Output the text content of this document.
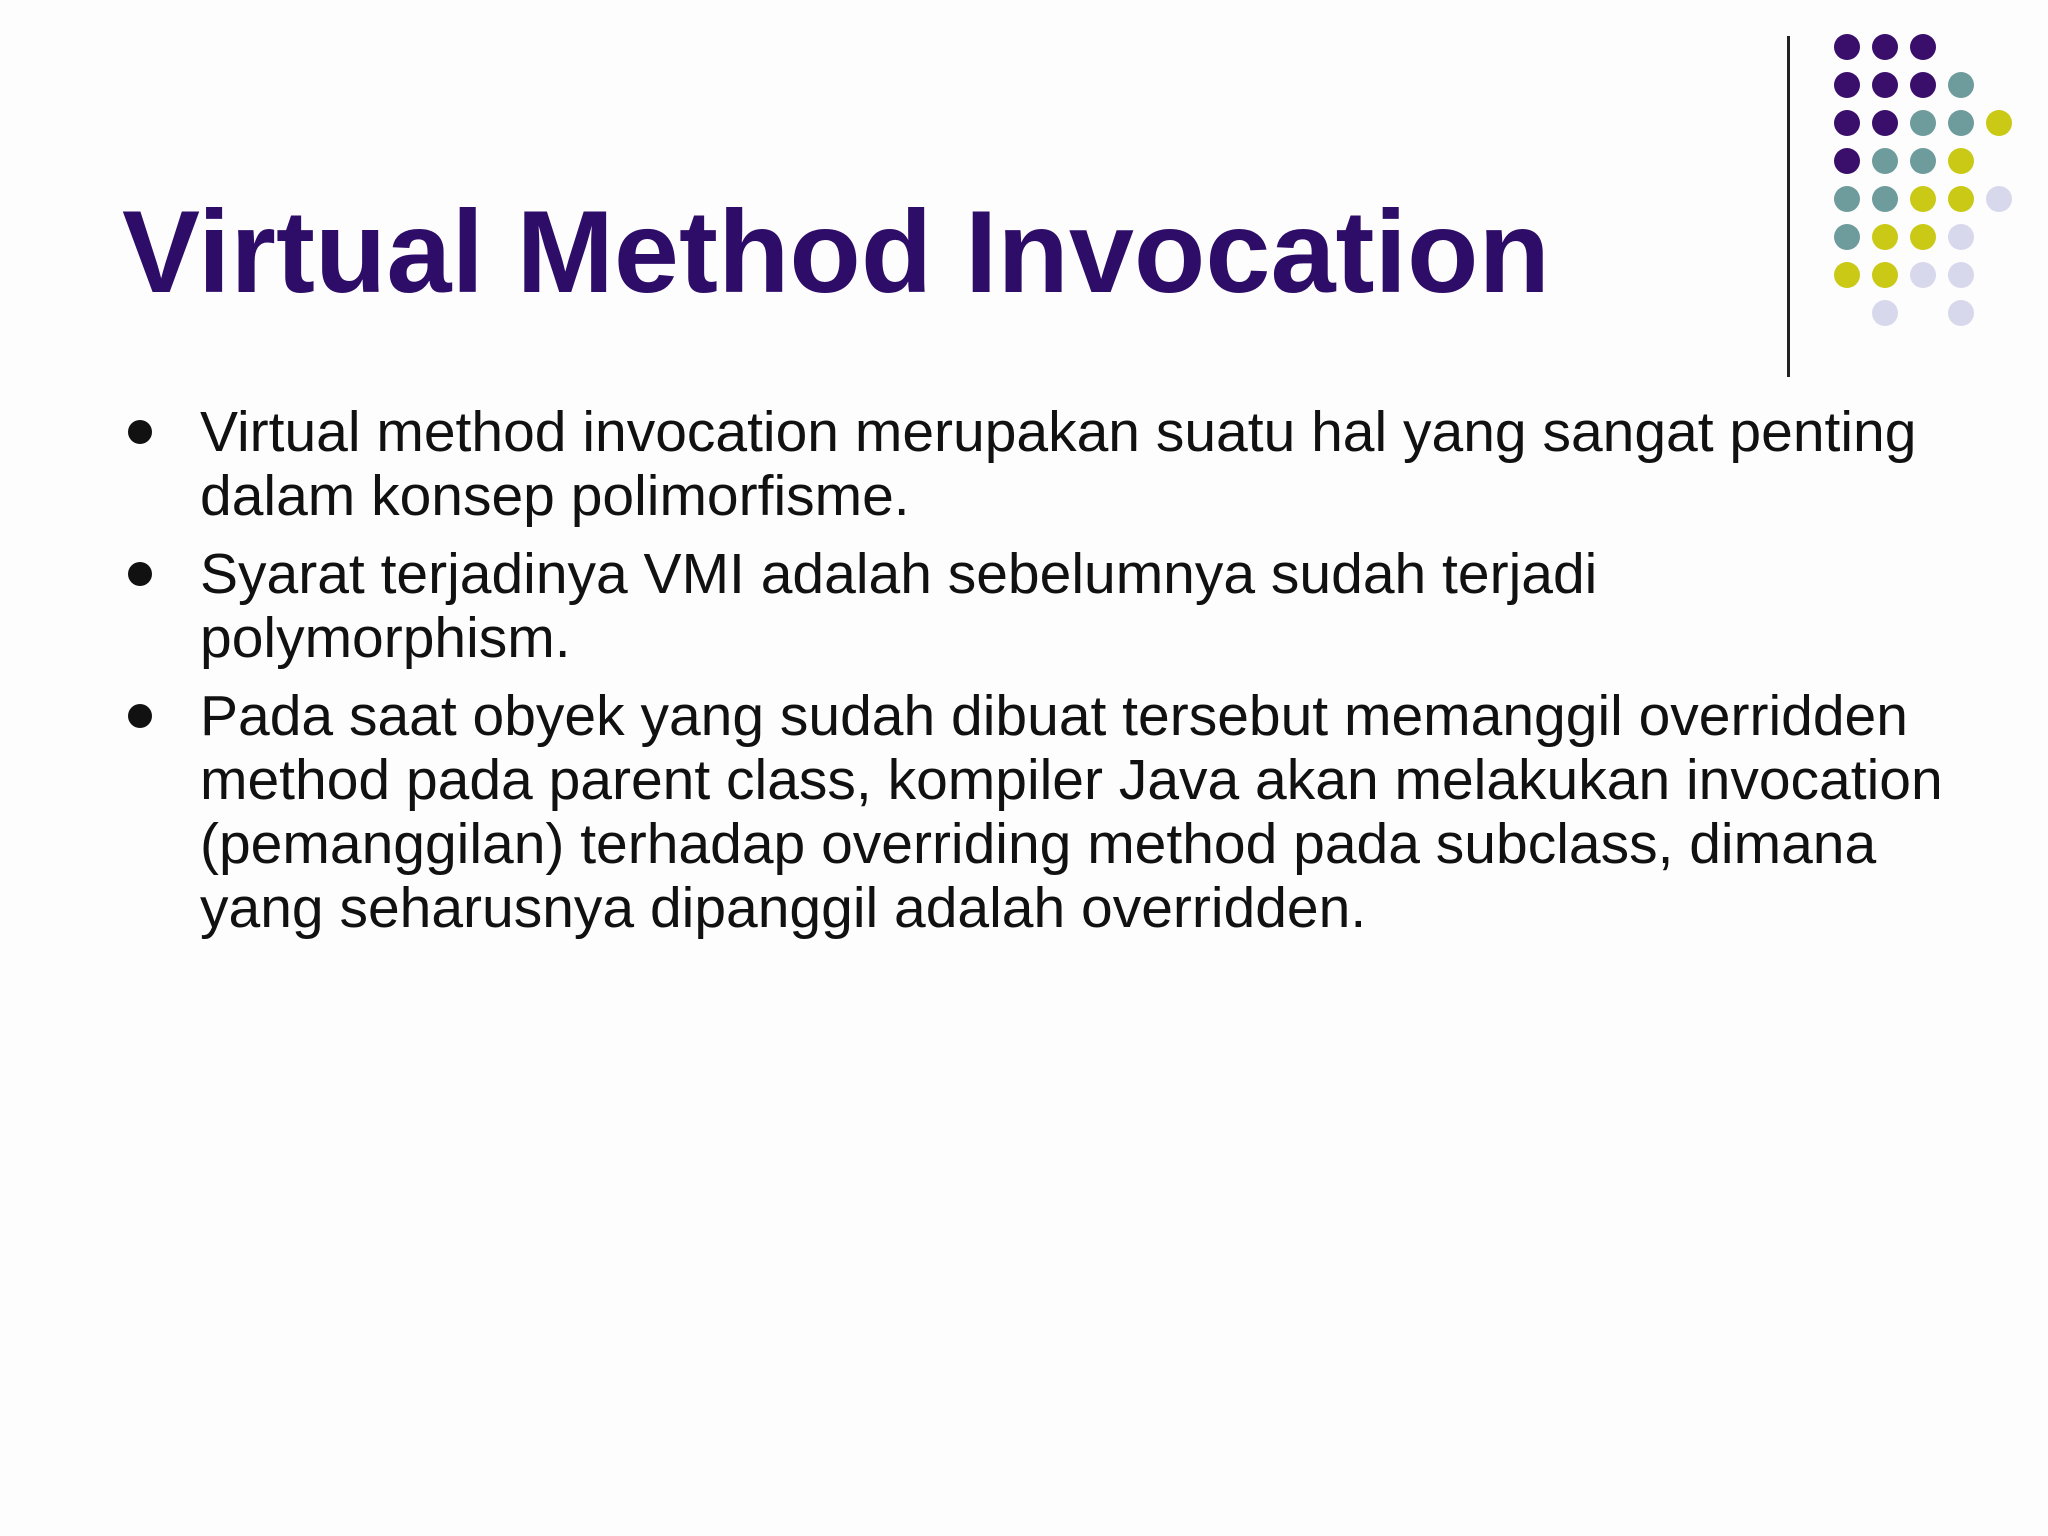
Virtual Method Invocation
Virtual method invocation merupakan suatu hal yang sangat penting dalam konsep polimorfisme.
Syarat terjadinya VMI adalah sebelumnya sudah terjadi polymorphism.
Pada saat obyek yang sudah dibuat tersebut memanggil overridden method pada parent class, kompiler Java akan melakukan invocation (pemanggilan) terhadap overriding method pada subclass, dimana yang seharusnya dipanggil adalah overridden.
